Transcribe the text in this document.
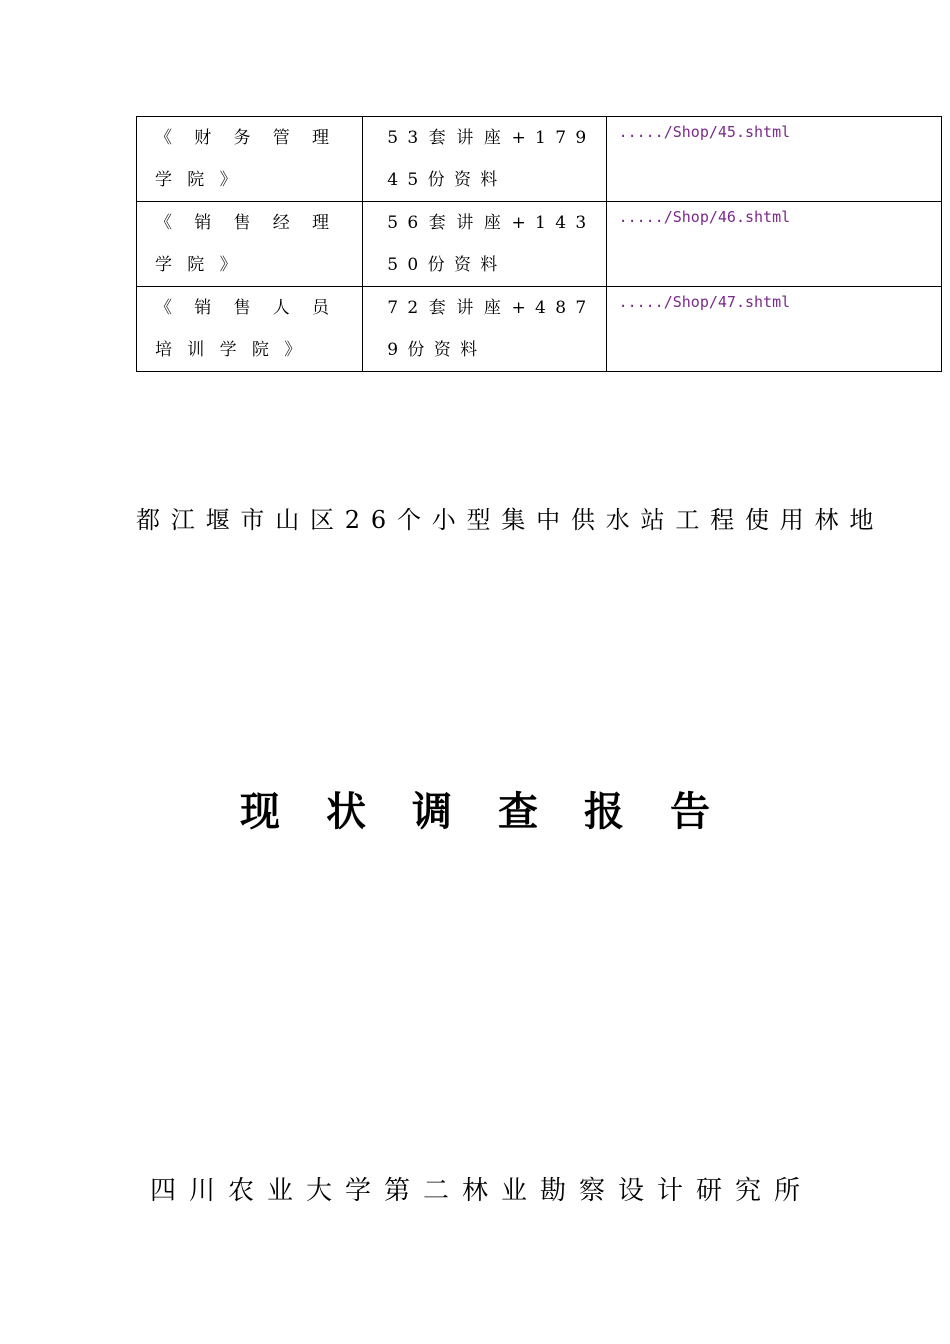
《财务管理学院》	53套讲座+17945份资料	...../Shop/45.shtml

《销售经理学院》	56套讲座+14350份资料	...../Shop/46.shtml

《销售人员培训学院》	72套讲座+4879份资料	...../Shop/47.shtml
都江堰市山区26个小型集中供水站工程使用林地
现状调查报告
四川农业大学第二林业勘察设计研究所
